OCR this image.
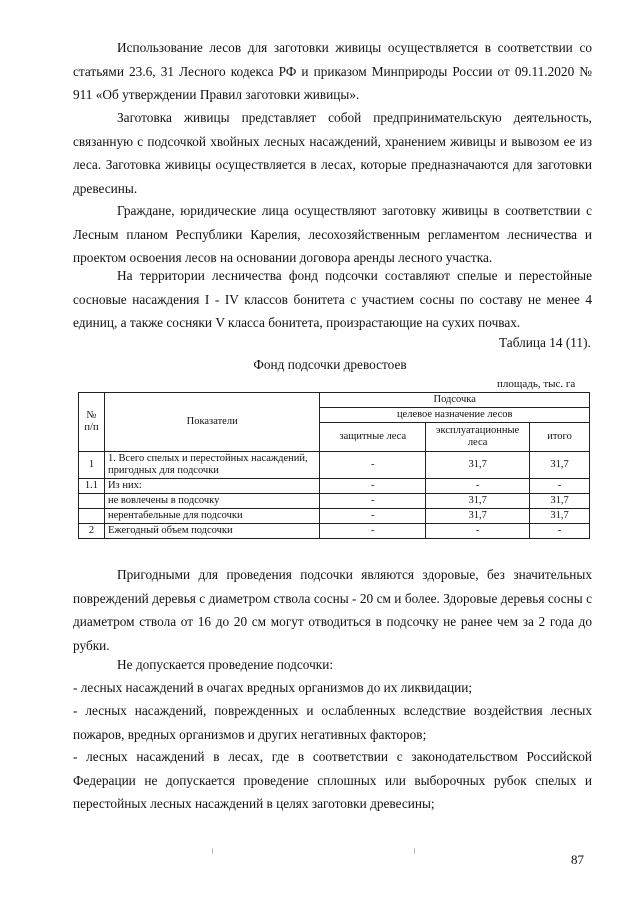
Использование лесов для заготовки живицы осуществляется в соответствии со статьями 23.6, 31 Лесного кодекса РФ и приказом Минприроды России от 09.11.2020 № 911 «Об утверждении Правил заготовки живицы».

Заготовка живицы представляет собой предпринимательскую деятельность, связанную с подсочкой хвойных лесных насаждений, хранением живицы и вывозом ее из леса. Заготовка живицы осуществляется в лесах, которые предназначаются для заготовки древесины.

Граждане, юридические лица осуществляют заготовку живицы в соответствии с Лесным планом Республики Карелия, лесохозяйственным регламентом лесничества и проектом освоения лесов на основании договора аренды лесного участка.

На территории лесничества фонд подсочки составляют спелые и перестойные сосновые насаждения I - IV классов бонитета с участием сосны по составу не менее 4 единиц, а также сосняки V класса бонитета, произрастающие на сухих почвах.

Таблица 14 (11).
Фонд подсочки древостоев
площадь, тыс. га
№ п/п	Показатели	Подсочка		
		целевое назначение лесов		
		защитные леса	эксплуатационные леса	итого
1	1. Всего спелых и перестойных насаждений, пригодных для подсочки	-	31,7	31,7
1.1	Из них:	-	-	-
	не вовлечены в подсочку	-	31,7	31,7
	нерентабельные для подсочки	-	31,7	31,7
2	Ежегодный объем подсочки	-	-	-

Пригодными для проведения подсочки являются здоровые, без значительных повреждений деревья с диаметром ствола сосны - 20 см и более. Здоровые деревья сосны с диаметром ствола от 16 до 20 см могут отводиться в подсочку не ранее чем за 2 года до рубки.

Не допускается проведение подсочки:

- лесных насаждений в очагах вредных организмов до их ликвидации;

- лесных насаждений, поврежденных и ослабленных вследствие воздействия лесных пожаров, вредных организмов и других негативных факторов;

- лесных насаждений в лесах, где в соответствии с законодательством Российской Федерации не допускается проведение сплошных или выборочных рубок спелых и перестойных лесных насаждений в целях заготовки древесины;

87
